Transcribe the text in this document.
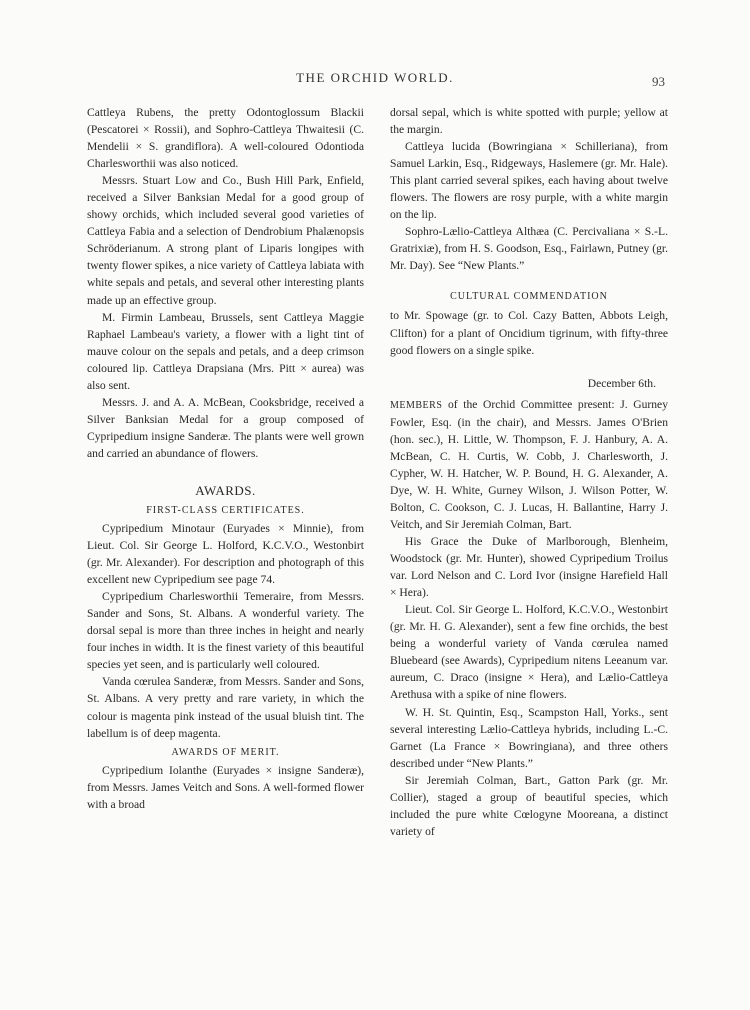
THE ORCHID WORLD.	93

Cattleya Rubens, the pretty Odontoglossum Blackii (Pescatorei × Rossii), and Sophro-Cattleya Thwaitesii (C. Mendelii × S. grandiflora). A well-coloured Odontioda Charlesworthii was also noticed.

Messrs. Stuart Low and Co., Bush Hill Park, Enfield, received a Silver Banksian Medal for a good group of showy orchids, which included several good varieties of Cattleya Fabia and a selection of Dendrobium Phalænopsis Schröderianum. A strong plant of Liparis longipes with twenty flower spikes, a nice variety of Cattleya labiata with white sepals and petals, and several other interesting plants made up an effective group.

M. Firmin Lambeau, Brussels, sent Cattleya Maggie Raphael Lambeau's variety, a flower with a light tint of mauve colour on the sepals and petals, and a deep crimson coloured lip. Cattleya Drapsiana (Mrs. Pitt × aurea) was also sent.

Messrs. J. and A. A. McBean, Cooksbridge, received a Silver Banksian Medal for a group composed of Cypripedium insigne Sanderæ. The plants were well grown and carried an abundance of flowers.

AWARDS.
FIRST-CLASS CERTIFICATES.

Cypripedium Minotaur (Euryades × Minnie), from Lieut. Col. Sir George L. Holford, K.C.V.O., Westonbirt (gr. Mr. Alexander). For description and photograph of this excellent new Cypripedium see page 74.

Cypripedium Charlesworthii Temeraire, from Messrs. Sander and Sons, St. Albans. A wonderful variety. The dorsal sepal is more than three inches in height and nearly four inches in width. It is the finest variety of this beautiful species yet seen, and is particularly well coloured.

Vanda cœrulea Sanderæ, from Messrs. Sander and Sons, St. Albans. A very pretty and rare variety, in which the colour is magenta pink instead of the usual bluish tint. The labellum is of deep magenta.

AWARDS OF MERIT.

Cypripedium Iolanthe (Euryades × insigne Sanderæ), from Messrs. James Veitch and Sons. A well-formed flower with a broad

dorsal sepal, which is white spotted with purple; yellow at the margin.

Cattleya lucida (Bowringiana × Schilleriana), from Samuel Larkin, Esq., Ridgeways, Haslemere (gr. Mr. Hale). This plant carried several spikes, each having about twelve flowers. The flowers are rosy purple, with a white margin on the lip.

Sophro-Lælio-Cattleya Althæa (C. Percivaliana × S.-L. Gratrixiæ), from H. S. Goodson, Esq., Fairlawn, Putney (gr. Mr. Day). See “New Plants.”

CULTURAL COMMENDATION

to Mr. Spowage (gr. to Col. Cazy Batten, Abbots Leigh, Clifton) for a plant of Oncidium tigrinum, with fifty-three good flowers on a single spike.

December 6th.

MEMBERS of the Orchid Committee present: J. Gurney Fowler, Esq. (in the chair), and Messrs. James O'Brien (hon. sec.), H. Little, W. Thompson, F. J. Hanbury, A. A. McBean, C. H. Curtis, W. Cobb, J. Charlesworth, J. Cypher, W. H. Hatcher, W. P. Bound, H. G. Alexander, A. Dye, W. H. White, Gurney Wilson, J. Wilson Potter, W. Bolton, C. Cookson, C. J. Lucas, H. Ballantine, Harry J. Veitch, and Sir Jeremiah Colman, Bart.

His Grace the Duke of Marlborough, Blenheim, Woodstock (gr. Mr. Hunter), showed Cypripedium Troilus var. Lord Nelson and C. Lord Ivor (insigne Harefield Hall × Hera).

Lieut. Col. Sir George L. Holford, K.C.V.O., Westonbirt (gr. Mr. H. G. Alexander), sent a few fine orchids, the best being a wonderful variety of Vanda cœrulea named Bluebeard (see Awards), Cypripedium nitens Leeanum var. aureum, C. Draco (insigne × Hera), and Lælio-Cattleya Arethusa with a spike of nine flowers.

W. H. St. Quintin, Esq., Scampston Hall, Yorks., sent several interesting Lælio-Cattleya hybrids, including L.-C. Garnet (La France × Bowringiana), and three others described under “New Plants.”

Sir Jeremiah Colman, Bart., Gatton Park (gr. Mr. Collier), staged a group of beautiful species, which included the pure white Cœlogyne Mooreana, a distinct variety of
